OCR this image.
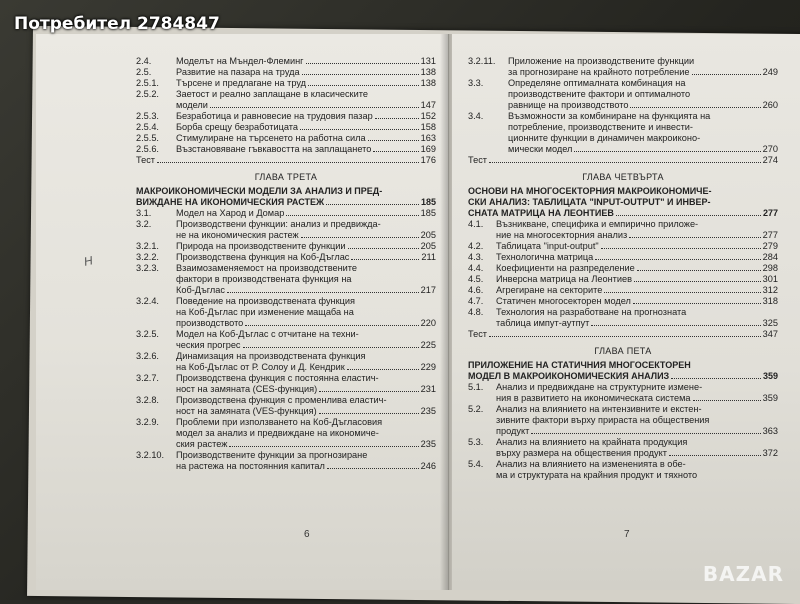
H
2.4.	Моделът на Мъндел-Флеминг	131
2.5.	Развитие на пазара на труда	138
2.5.1. Търсене и предлагане на труд	138
2.5.2. Заетост и реално заплащане в класическите
модели	147
2.5.3. Безработица и равновесие на трудовия пазар	152
2.5.4. Борба срещу безработицата	158
2.5.5. Стимулиране на търсенето на работна сила	163
2.5.6. Възстановяване гъвкавостта на заплащането	169
Тест	176
ГЛАВА ТРЕТА
МАКРОИКОНОМИЧЕСКИ МОДЕЛИ ЗА АНАЛИЗ И ПРЕД-
ВИЖДАНЕ НА ИКОНОМИЧЕСКИЯ РАСТЕЖ	185
3.1.	Модел на Харод и Домар	185
3.2.	Производствени функции: анализ и предвижда-
не на икономическия растеж	205
3.2.1. Природа на производствените функции	205
3.2.2. Производствена функция на Коб-Дъглас	211
3.2.3. Взаимозаменяемост на производствените
фактори в производствената функция на
Коб-Дъглас	217
3.2.4. Поведение на производствената функция
на Коб-Дъглас при изменение мащаба на
производството	220
3.2.5. Модел на Коб-Дъглас с отчитане на техни-
ческия прогрес	225
3.2.6. Динамизация на производствената функция
на Коб-Дъглас от Р. Солоу и Д. Кендрик	229
3.2.7. Производствена функция с постоянна еластич-
ност на замяната (CES-функция)	231
3.2.8. Производствена функция с променлива еластич-
ност на замяната (VES-функция)	235
3.2.9. Проблеми при използването на Коб-Дъгласовия
модел за анализ и предвиждане на икономиче-
ския растеж	235
3.2.10. Производствените функции за прогнозиране
на растежа на постоянния капитал	246
6
3.2.11. Приложение на производствените функции
за прогнозиране на крайното потребление	249
3.3.	Определяне оптималната комбинация на
производствените фактори и оптималното
равнище на производството	260
3.4.	Възможности за комбиниране на функцията на
потребление, производствените и инвести-
ционните функции в динамичен макроиконо-
мически модел	270
Тест	274
ГЛАВА ЧЕТВЪРТА
ОСНОВИ НА МНОГОСЕКТОРНИЯ МАКРОИКОНОМИЧЕ-
СКИ АНАЛИЗ: ТАБЛИЦАТА "INPUT-OUTPUT" И ИНВЕР-
СНАТА МАТРИЦА НА ЛЕОНТИЕВ	277
4.1. Възникване, специфика и емпирично приложе-
ние на многосекторния анализ	277
4.2. Таблицата "input-output"	279
4.3. Технологична матрица	284
4.4. Коефициенти на разпределение	298
4.5. Инверсна матрица на Леонтиев	301
4.6. Агрегиране на секторите	312
4.7. Статичен многосекторен модел	318
4.8. Технология на разработване на прогнозната
таблица импут-аутпут	325
Тест	347
ГЛАВА ПЕТА
ПРИЛОЖЕНИЕ НА СТАТИЧНИЯ МНОГОСЕКТОРЕН
МОДЕЛ В МАКРОИКОНОМИЧЕСКИЯ АНАЛИЗ	359
5.1. Анализ и предвиждане на структурните измене-
ния в развитието на икономическата система	359
5.2. Анализ на влиянието на интензивните и екстен-
зивните фактори върху прираста на обществения
продукт	363
5.3. Анализ на влиянието на крайната продукция
върху размера на обществения продукт	372
5.4. Анализ на влиянието на измененията в обе-
ма и структурата на крайния продукт и тяхното
7
Потребител 2784847
BAZAR
